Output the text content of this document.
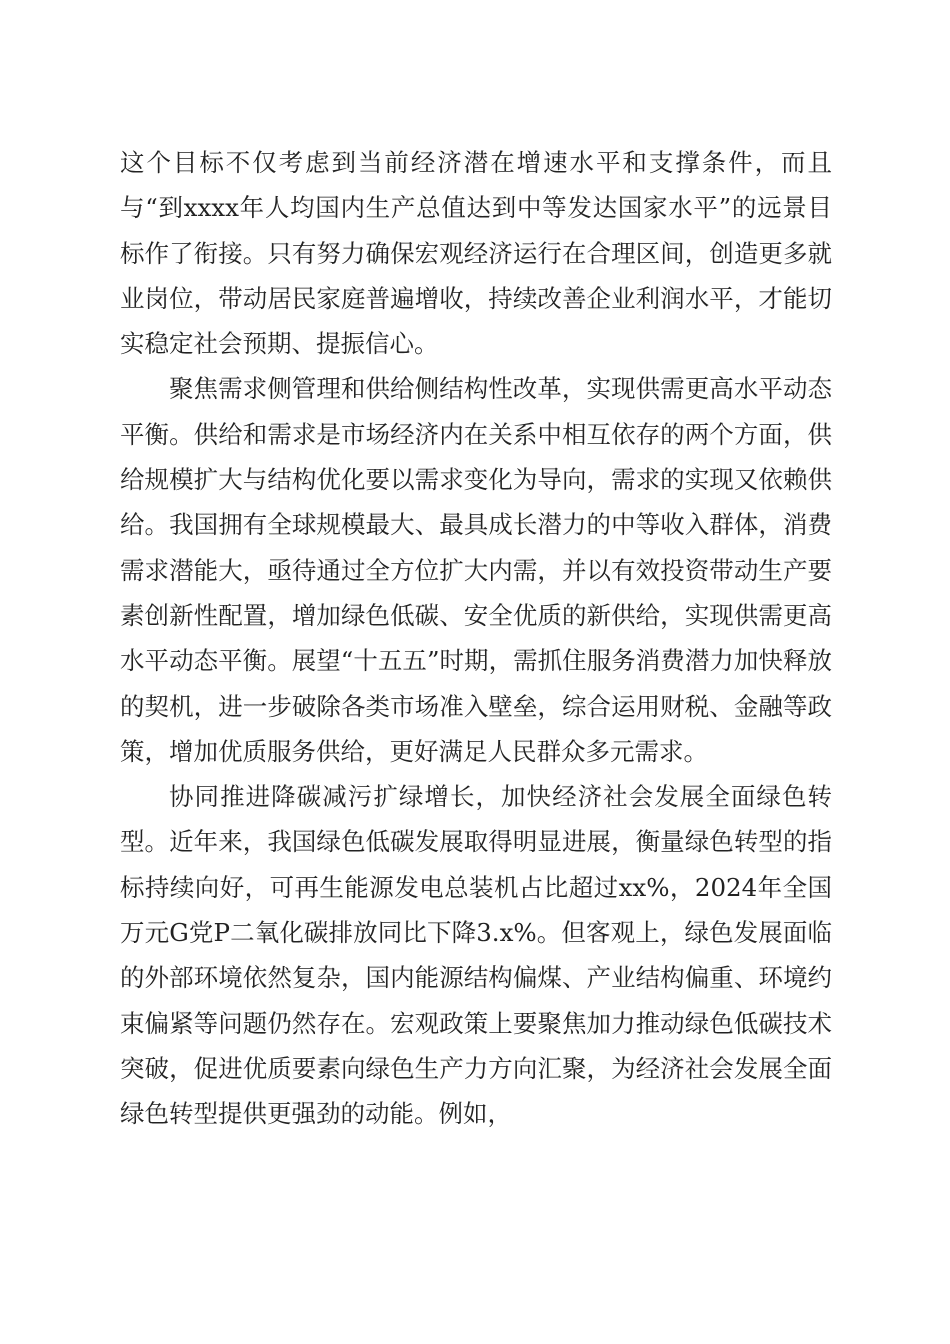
这个目标不仅考虑到当前经济潜在增速水平和支撑条件，而且与“到xxxx年人均国内生产总值达到中等发达国家水平”的远景目标作了衔接。只有努力确保宏观经济运行在合理区间，创造更多就业岗位，带动居民家庭普遍增收，持续改善企业利润水平，才能切实稳定社会预期、提振信心。

聚焦需求侧管理和供给侧结构性改革，实现供需更高水平动态平衡。供给和需求是市场经济内在关系中相互依存的两个方面，供给规模扩大与结构优化要以需求变化为导向，需求的实现又依赖供给。我国拥有全球规模最大、最具成长潜力的中等收入群体，消费需求潜能大，亟待通过全方位扩大内需，并以有效投资带动生产要素创新性配置，增加绿色低碳、安全优质的新供给，实现供需更高水平动态平衡。展望“十五五”时期，需抓住服务消费潜力加快释放的契机，进一步破除各类市场准入壁垒，综合运用财税、金融等政策，增加优质服务供给，更好满足人民群众多元需求。

协同推进降碳减污扩绿增长，加快经济社会发展全面绿色转型。近年来，我国绿色低碳发展取得明显进展，衡量绿色转型的指标持续向好，可再生能源发电总装机占比超过xx%，2024年全国万元G党P二氧化碳排放同比下降3.x%。但客观上，绿色发展面临的外部环境依然复杂，国内能源结构偏煤、产业结构偏重、环境约束偏紧等问题仍然存在。宏观政策上要聚焦加力推动绿色低碳技术突破，促进优质要素向绿色生产力方向汇聚，为经济社会发展全面绿色转型提供更强劲的动能。例如，
